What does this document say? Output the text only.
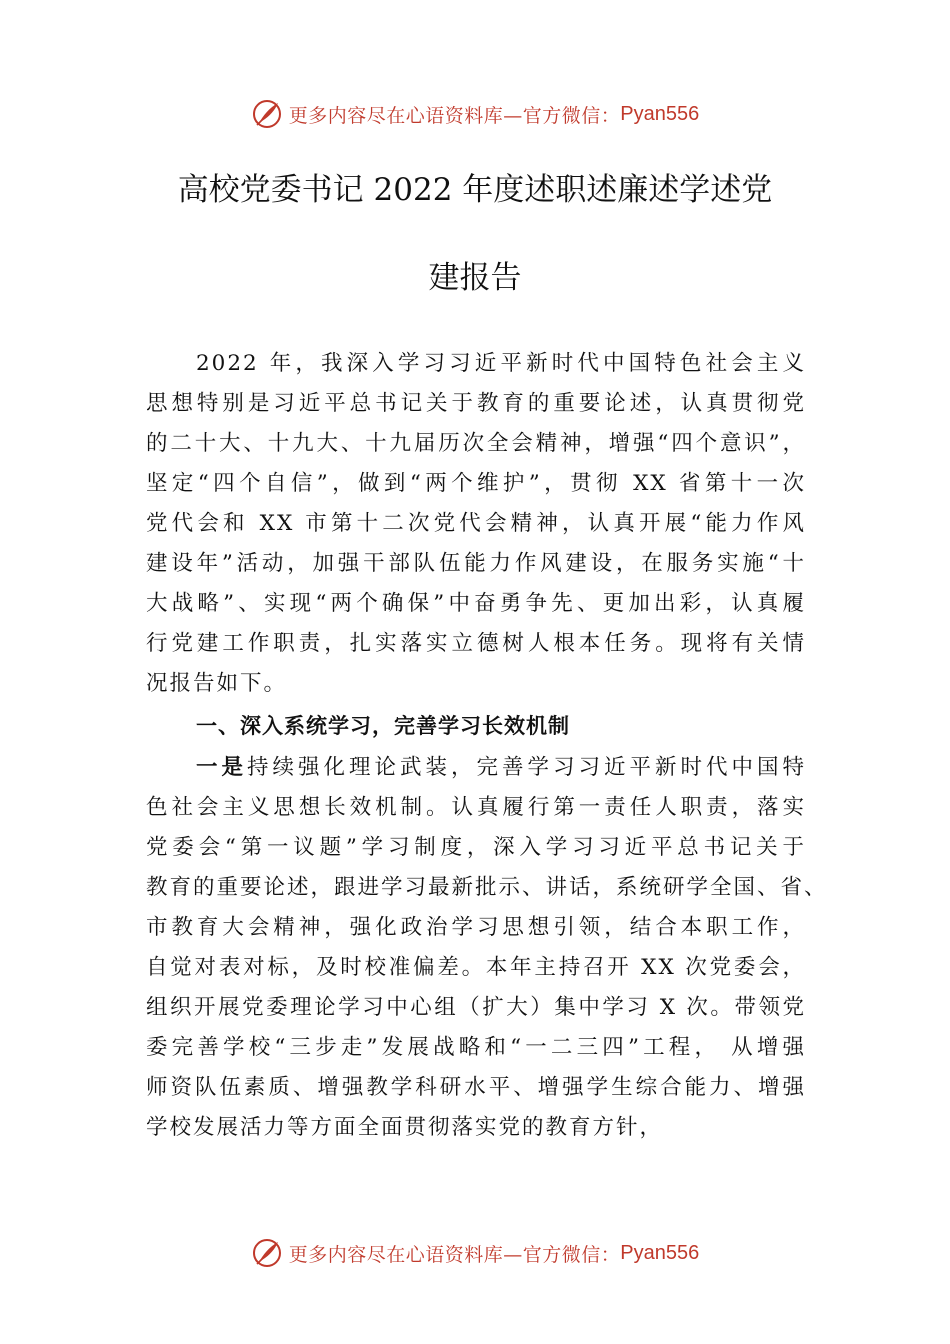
更多内容尽在心语资料库—官方微信： Pyan556
高校党委书记 2022 年度述职述廉述学述党
建报告
2022 年，我深入学习习近平新时代中国特色社会主义
思想特别是习近平总书记关于教育的重要论述，认真贯彻党
的二十大、十九大、十九届历次全会精神，增强“四个意识”，
坚定“四个自信”，做到“两个维护”，贯彻 XX 省第十一次
党代会和 XX 市第十二次党代会精神，认真开展“能力作风
建设年”活动，加强干部队伍能力作风建设，在服务实施“十
大战略”、实现“两个确保”中奋勇争先、更加出彩，认真履
行党建工作职责，扎实落实立德树人根本任务。现将有关情
况报告如下。
一、深入系统学习，完善学习长效机制
一是持续强化理论武装，完善学习习近平新时代中国特
色社会主义思想长效机制。认真履行第一责任人职责，落实
党委会“第一议题”学习制度，深入学习习近平总书记关于
教育的重要论述，跟进学习最新批示、讲话，系统研学全国、省、
市教育大会精神，强化政治学习思想引领，结合本职工作，
自觉对表对标，及时校准偏差。本年主持召开 XX 次党委会，
组织开展党委理论学习中心组（扩大）集中学习 X 次。带领党
委完善学校“三步走”发展战略和“一二三四”工程， 从增强
师资队伍素质、增强教学科研水平、增强学生综合能力、增强
学校发展活力等方面全面贯彻落实党的教育方针，
更多内容尽在心语资料库—官方微信： Pyan556
